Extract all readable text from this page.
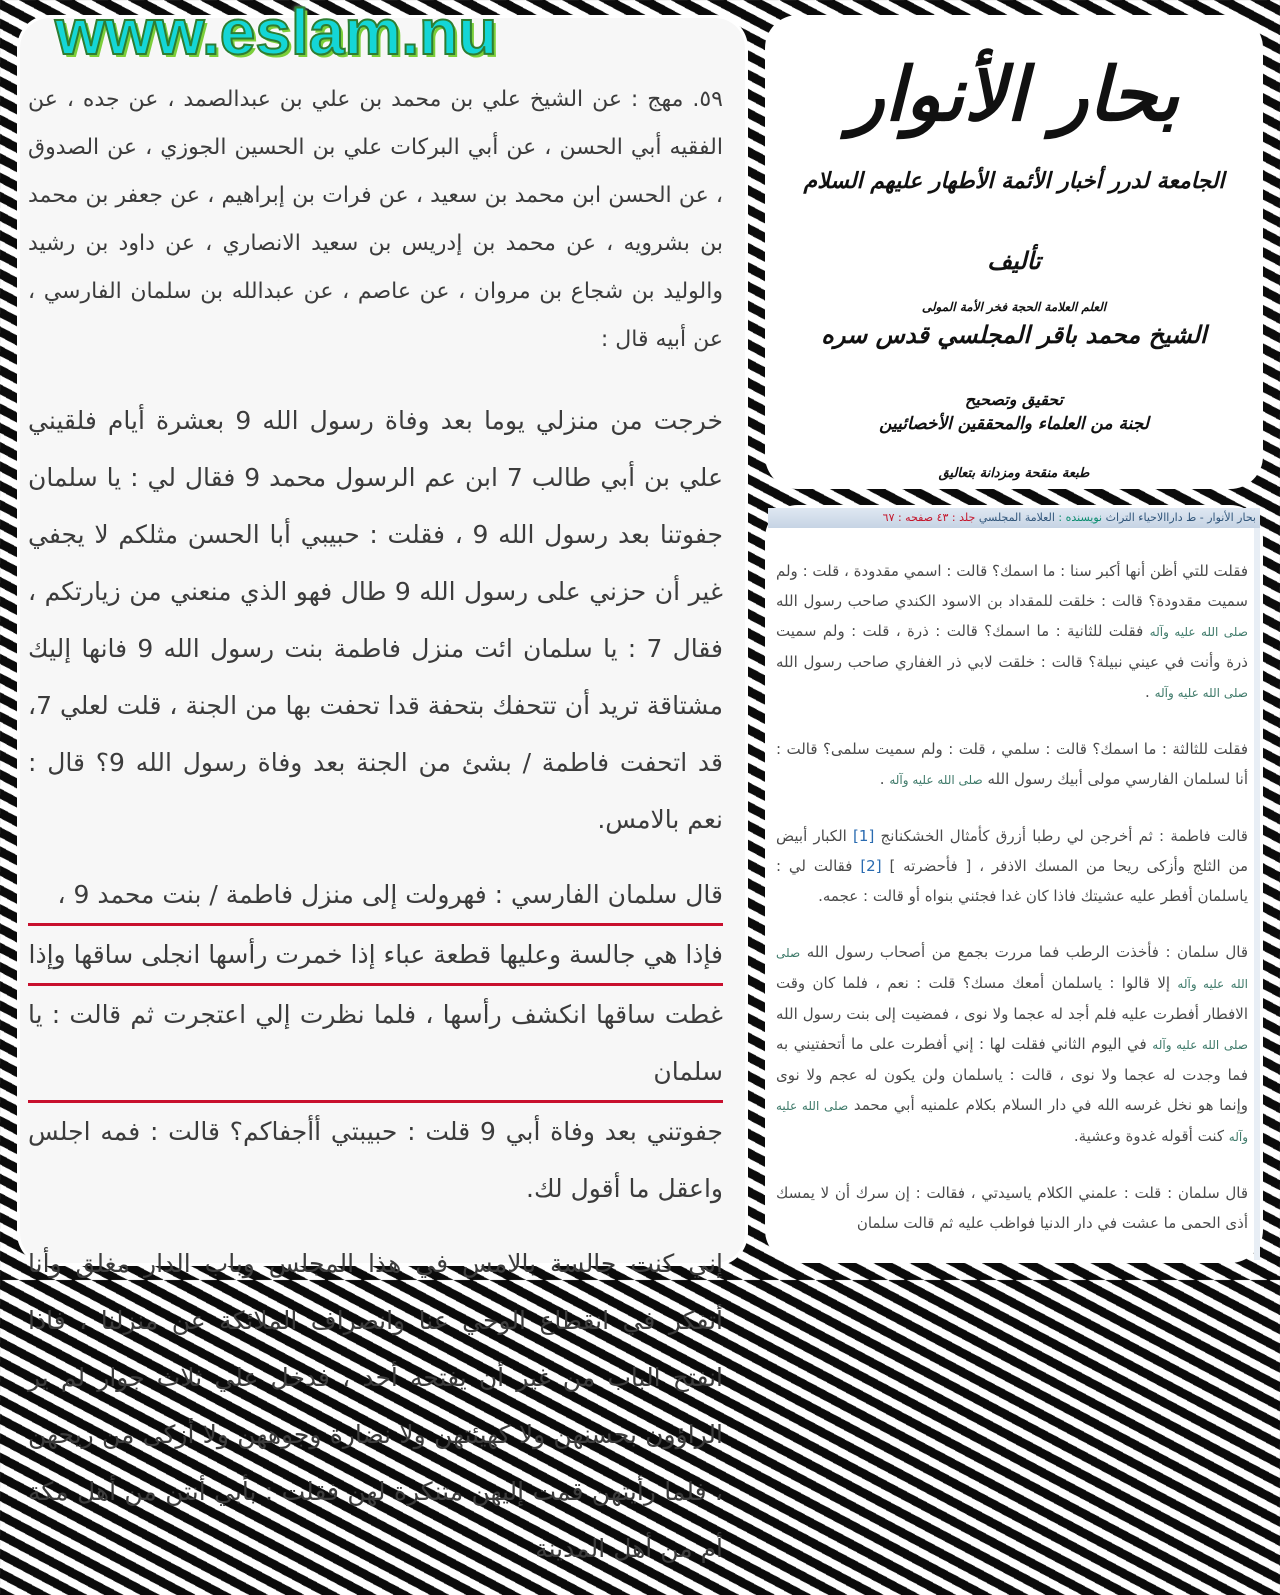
٥٩. مهج : عن الشيخ علي بن محمد بن علي بن عبدالصمد ، عن جده ، عن الفقيه أبي الحسن ، عن أبي البركات علي بن الحسين الجوزي ، عن الصدوق ، عن الحسن ابن محمد بن سعيد ، عن فرات بن إبراهيم ، عن جعفر بن محمد بن بشرويه ، عن محمد بن إدريس بن سعيد الانصاري ، عن داود بن رشيد والوليد بن شجاع بن مروان ، عن عاصم ، عن عبدالله بن سلمان الفارسي ، عن أبيه قال :

خرجت من منزلي يوما بعد وفاة رسول الله 9 بعشرة أيام فلقيني علي بن أبي طالب 7 ابن عم الرسول محمد 9 فقال لي : يا سلمان جفوتنا بعد رسول الله 9 ، فقلت : حبيبي أبا الحسن مثلكم لا يجفي غير أن حزني على رسول الله 9 طال فهو الذي منعني من زيارتكم ، فقال 7 : يا سلمان ائت منزل فاطمة بنت رسول الله 9 فانها إليك مشتاقة تريد أن تتحفك بتحفة قدا تحفت بها من الجنة ، قلت لعلي 7، قد اتحفت فاطمة / بشئ من الجنة بعد وفاة رسول الله 9؟ قال : نعم بالامس.

قال سلمان الفارسي : فهرولت إلى منزل فاطمة / بنت محمد 9 ،
فإذا هي جالسة وعليها قطعة عباء إذا خمرت رأسها انجلى ساقها وإذا
غطت ساقها انكشف رأسها ، فلما نظرت إلي اعتجرت ثم قالت : يا سلمان

جفوتني بعد وفاة أبي 9 قلت : حبيبتي أأجفاكم؟ قالت : فمه اجلس واعقل ما أقول لك.

إني كنت جالسة بالامس في هذا المجلس وباب الدار مغلق وأنا أتفكر في انقطاع الوحي عنا وانصراف الملائكة عن منزلنا ، فاذا انفتح الباب من غير أن يفتحه أحد ، فدخل علي ثلاث جوار لم ير الراؤون بحسنهن ولا كهيئتهن ولا نضارة وجوههن ولا أزكى من ريحهن ، فلما رأيتهن قمت إليهن متنكرة لهن فقلت : بأبي أنتن من أهل مكة أم من أهل المدينة

www.eslam.nu
بحار الأنوار
الجامعة لدرر أخبار الأئمة الأطهار عليهم السلام
تأليف
العلم العلامة الحجة فخر الأمة المولى
الشيخ محمد باقر المجلسي قدس سره
تحقيق وتصحيح
لجنة من العلماء والمحققين الأخصائيين
طبعة منقحة ومزدانة بتعاليق
بحار الأنوار - ط داراالاحياء التراث نویسنده : العلامة المجلسي جلد : ٤٣ صفحه : ٦٧

فقلت للتي أظن أنها أكبر سنا : ما اسمك؟ قالت : اسمي مقدودة ، قلت : ولم سميت مقدودة؟ قالت : خلقت للمقداد بن الاسود الكندي صاحب رسول الله صلى الله عليه وآله فقلت للثانية : ما اسمك؟ قالت : ذرة ، قلت : ولم سميت ذرة وأنت في عيني نبيلة؟ قالت : خلقت لابي ذر الغفاري صاحب رسول الله صلى الله عليه وآله .

فقلت للثالثة : ما اسمك؟ قالت : سلمي ، قلت : ولم سميت سلمى؟ قالت : أنا لسلمان الفارسي مولى أبيك رسول الله صلى الله عليه وآله .

قالت فاطمة : ثم أخرجن لي رطبا أزرق كأمثال الخشكنانج [1] الكبار أبيض من الثلج وأزكى ريحا من المسك الاذفر ، [ فأحضرته ] [2] فقالت لي : ياسلمان أفطر عليه عشيتك فاذا كان غدا فجئني بنواه أو قالت : عجمه.

قال سلمان : فأخذت الرطب فما مررت بجمع من أصحاب رسول الله صلى الله عليه وآله إلا قالوا : ياسلمان أمعك مسك؟ قلت : نعم ، فلما كان وقت الافطار أفطرت عليه فلم أجد له عجما ولا نوى ، فمضيت إلى بنت رسول الله صلى الله عليه وآله في اليوم الثاني فقلت لها : إني أفطرت على ما أتحفتيني به فما وجدت له عجما ولا نوى ، قالت : ياسلمان ولن يكون له عجم ولا نوى وإنما هو نخل غرسه الله في دار السلام بكلام علمنيه أبي محمد صلى الله عليه وآله كنت أقوله غدوة وعشية.

قال سلمان : قلت : علمني الكلام ياسيدتي ، فقالت : إن سرك أن لا يمسك أذى الحمى ما عشت في دار الدنيا فواظب عليه ثم قالت سلمان
